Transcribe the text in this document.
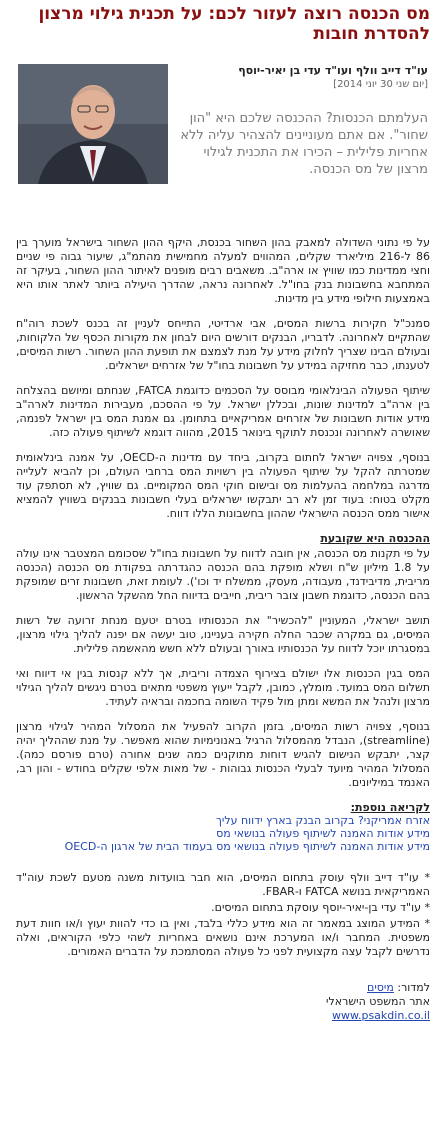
מס הכנסה רוצה לעזור לכם: על תכנית גילוי מרצון להסדרת חובות
עו"ד דייב וולף ועו"ד עדי בן יאיר-יוסף
[יום שני 30 יוני 2014]
העלמתם הכנסות? ההכנסה שלכם היא "הון שחור". אם אתם מעוניינים להצהיר עליה ללא אחריות פלילית – הכירו את התכנית לגילוי מרצון של מס הכנסה.

על פי נתוני השדולה למאבק בהון השחור בכנסת, היקף ההון השחור בישראל מוערך בין 86 ל-216 מיליארד שקלים, המהווים למעלה מחמישית מהתמ"ג, שיעור גבוה פי שניים וחצי ממדינות כמו שוויץ או ארה"ב. משאבים רבים מופנים לאיתור ההון השחור, בעיקר זה המתחבא בחשבונות בנק בחו"ל. לאחרונה נראה, שהדרך היעילה ביותר לאתר אותו היא באמצעות חילופי מידע בין מדינות.

סמנכ"ל חקירות ברשות המסים, אבי ארדיטי, התייחס לעניין זה בכנס לשכת רוה"ח שהתקיים לאחרונה. לדבריו, הבנקים דורשים היום לבחון את מקורות הכסף של הלקוחות, ובעולם הבינו שצריך לחלוק מידע על מנת לצמצם את תופעת ההון השחור. רשות המיסים, לטענתו, כבר מחזיקה במידע על חשבונות בחו"ל של אזרחים ישראלים.

שיתוף הפעולה הבינלאומי מבוסס על הסכמים כדוגמת FATCA, שנחתם ומיושם בהצלחה בין ארה"ב למדינות שונות, ובכללן ישראל. על פי ההסכם, מעבירות המדינות לארה"ב מידע אודות חשבונות של אזרחים אמריקאיים בתחומן. גם אמנת המס בין ישראל לפנמה, שאושרה לאחרונה ונכנסת לתוקף בינואר 2015, מהווה דוגמא לשיתוף פעולה כזה.

בנוסף, צפויה ישראל לחתום בקרוב, ביחד עם מדינות ה-OECD, על אמנה בינלאומית שמטרתה להקל על שיתוף הפעולה בין רשויות המס ברחבי העולם, וכן להביא לעלייה מדרגה במלחמה בהעלמות מס ובישום חוקי המס המקומיים. גם שוויץ, לא תסתפק עוד מקלט בטוח: בעוד זמן לא רב יתבקשו ישראלים בעלי חשבונות בבנקים בשוויץ להמציא אישור ממס הכנסה הישראלי שההון בחשבונות הללו דווח.

ההכנסה היא שקובעת

על פי תקנות מס הכנסה, אין חובה לדווח על חשבונות בחו"ל שסכומם המצטבר אינו עולה על 1.8 מיליון ש"ח ושלא מופקת בהם הכנסה כהגדרתה בפקודת מס הכנסה (הכנסה מריבית, מדיבידנד, מעבודה, מעסק, ממשלח יד וכו'). לעומת זאת, חשבונות זרים שמופקת בהם הכנסה, כדוגמת חשבון צובר ריבית, חייבים בדיווח החל מהשקל הראשון.

תושב ישראלי, המעוניין "להכשיר" את הכנסותיו בטרם יטעם מנחת זרועה של רשות המיסים, גם במקרה שכבר החלה חקירה בעניינו, טוב יעשה אם יפנה להליך גילוי מרצון, במסגרתו יוכל לדווח על הכנסותיו באורך ובעולם ללא חשש מהאשמה פלילית.

המס בגין הכנסות אלו ישולם בצירוף הצמדה וריבית, אך ללא קנסות בגין אי דיווח ואי תשלום המס במועד. מומלץ, כמובן, לקבל ייעוץ משפטי מתאים בטרם ניגשים להליך הגילוי מרצון ולנהל את המשא ומתן מול פקיד השומה בחכמה ובראיה לעתיד.

בנוסף, צפויה רשות המיסים, בזמן הקרוב להפעיל את המסלול המהיר לגילוי מרצון (streamline), הנבדל מהמסלול הרגיל באנונימיות שהוא מאפשר. על מנת שההליך יהיה קצר, יתבקש הנישום להגיש דוחות מתוקנים כמה שנים אחורה (טרם פורסם כמה). המסלול המהיר מיועד לבעלי הכנסות גבוהות - של מאות אלפי שקלים בחודש - והון רב, האנמד במיליונים.

לקריאה נוספת:
אזרח אמריקני? בקרוב הבנק בארץ ידווח עליך
מידע אודות האמנה לשיתוף פעולה בנושאי מס
מידע אודות האמנה לשיתוף פעולה בנושאי מס בעמוד הבית של ארגון ה-OECD

* עו"ד דייב וולף עוסק בתחום המיסים, הוא חבר בוועדות משנה מטעם לשכת עוה"ד האמריקאית בנושא FATCA ו-FBAR.

* עו"ד עדי בן-יאיר-יוסף עוסקת בתחום המיסים.

* המידע המוצג במאמר זה הוא מידע כללי בלבד, ואין בו כדי להוות יעוץ ו/או חוות דעת משפטית. המחבר ו/או המערכת אינם נושאים באחריות לשהי כלפי הקוראים, ואלה נדרשים לקבל עצה מקצועית לפני כל פעולה המסתמכת על הדברים האמורים.

למדור: מיסים
אתר המשפט הישראלי
www.psakdin.co.il
